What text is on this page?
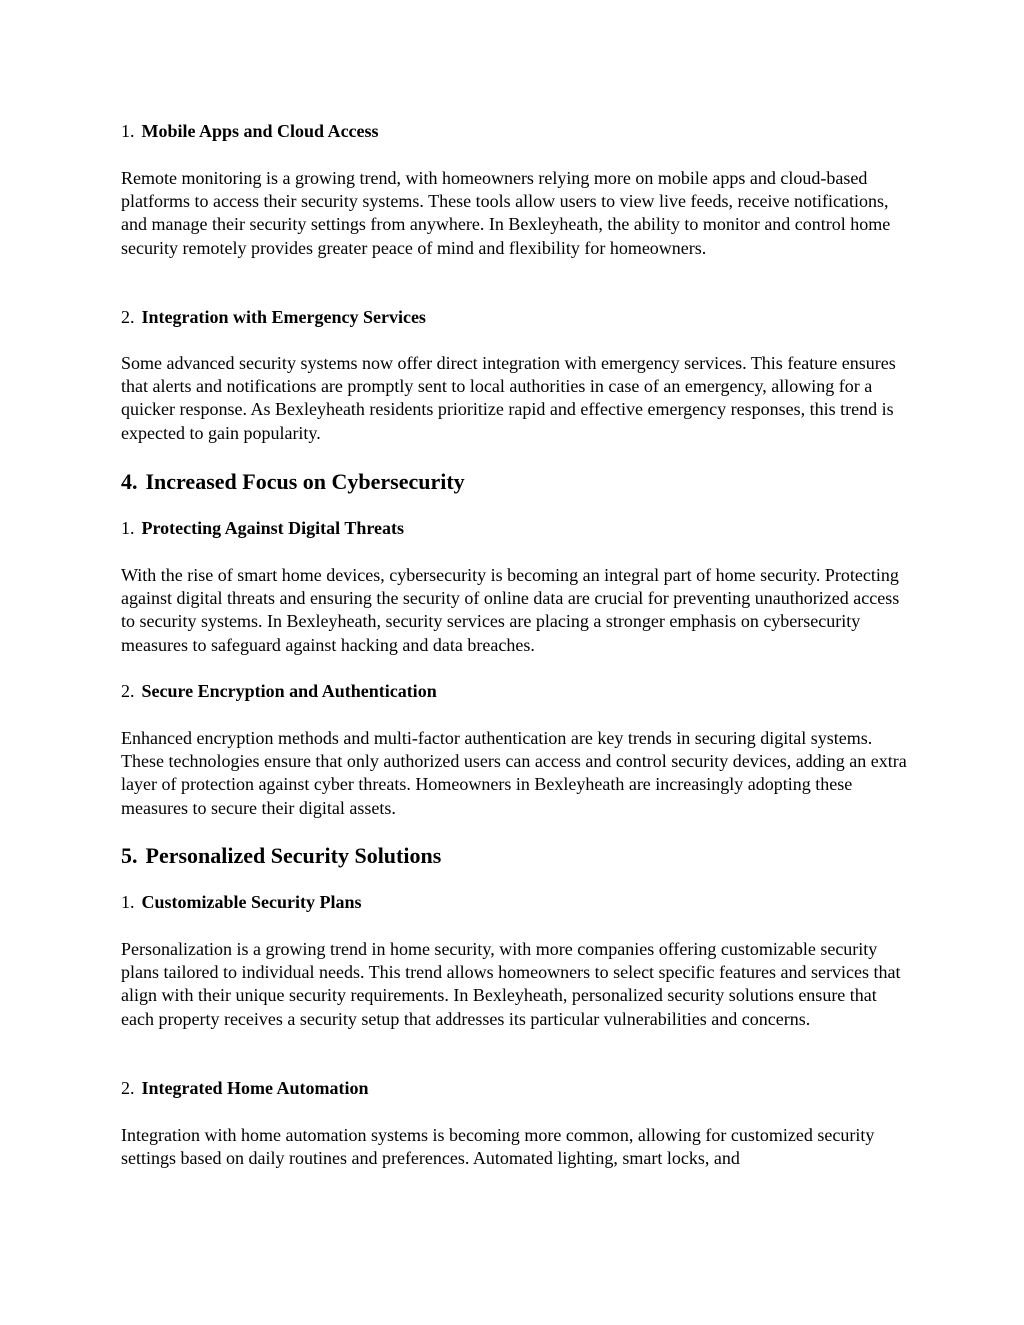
1. Mobile Apps and Cloud Access
Remote monitoring is a growing trend, with homeowners relying more on mobile apps and cloud-based platforms to access their security systems. These tools allow users to view live feeds, receive notifications, and manage their security settings from anywhere. In Bexleyheath, the ability to monitor and control home security remotely provides greater peace of mind and flexibility for homeowners.
2. Integration with Emergency Services
Some advanced security systems now offer direct integration with emergency services. This feature ensures that alerts and notifications are promptly sent to local authorities in case of an emergency, allowing for a quicker response. As Bexleyheath residents prioritize rapid and effective emergency responses, this trend is expected to gain popularity.
4. Increased Focus on Cybersecurity
1. Protecting Against Digital Threats
With the rise of smart home devices, cybersecurity is becoming an integral part of home security. Protecting against digital threats and ensuring the security of online data are crucial for preventing unauthorized access to security systems. In Bexleyheath, security services are placing a stronger emphasis on cybersecurity measures to safeguard against hacking and data breaches.
2. Secure Encryption and Authentication
Enhanced encryption methods and multi-factor authentication are key trends in securing digital systems. These technologies ensure that only authorized users can access and control security devices, adding an extra layer of protection against cyber threats. Homeowners in Bexleyheath are increasingly adopting these measures to secure their digital assets.
5. Personalized Security Solutions
1. Customizable Security Plans
Personalization is a growing trend in home security, with more companies offering customizable security plans tailored to individual needs. This trend allows homeowners to select specific features and services that align with their unique security requirements. In Bexleyheath, personalized security solutions ensure that each property receives a security setup that addresses its particular vulnerabilities and concerns.
2. Integrated Home Automation
Integration with home automation systems is becoming more common, allowing for customized security settings based on daily routines and preferences. Automated lighting, smart locks, and
